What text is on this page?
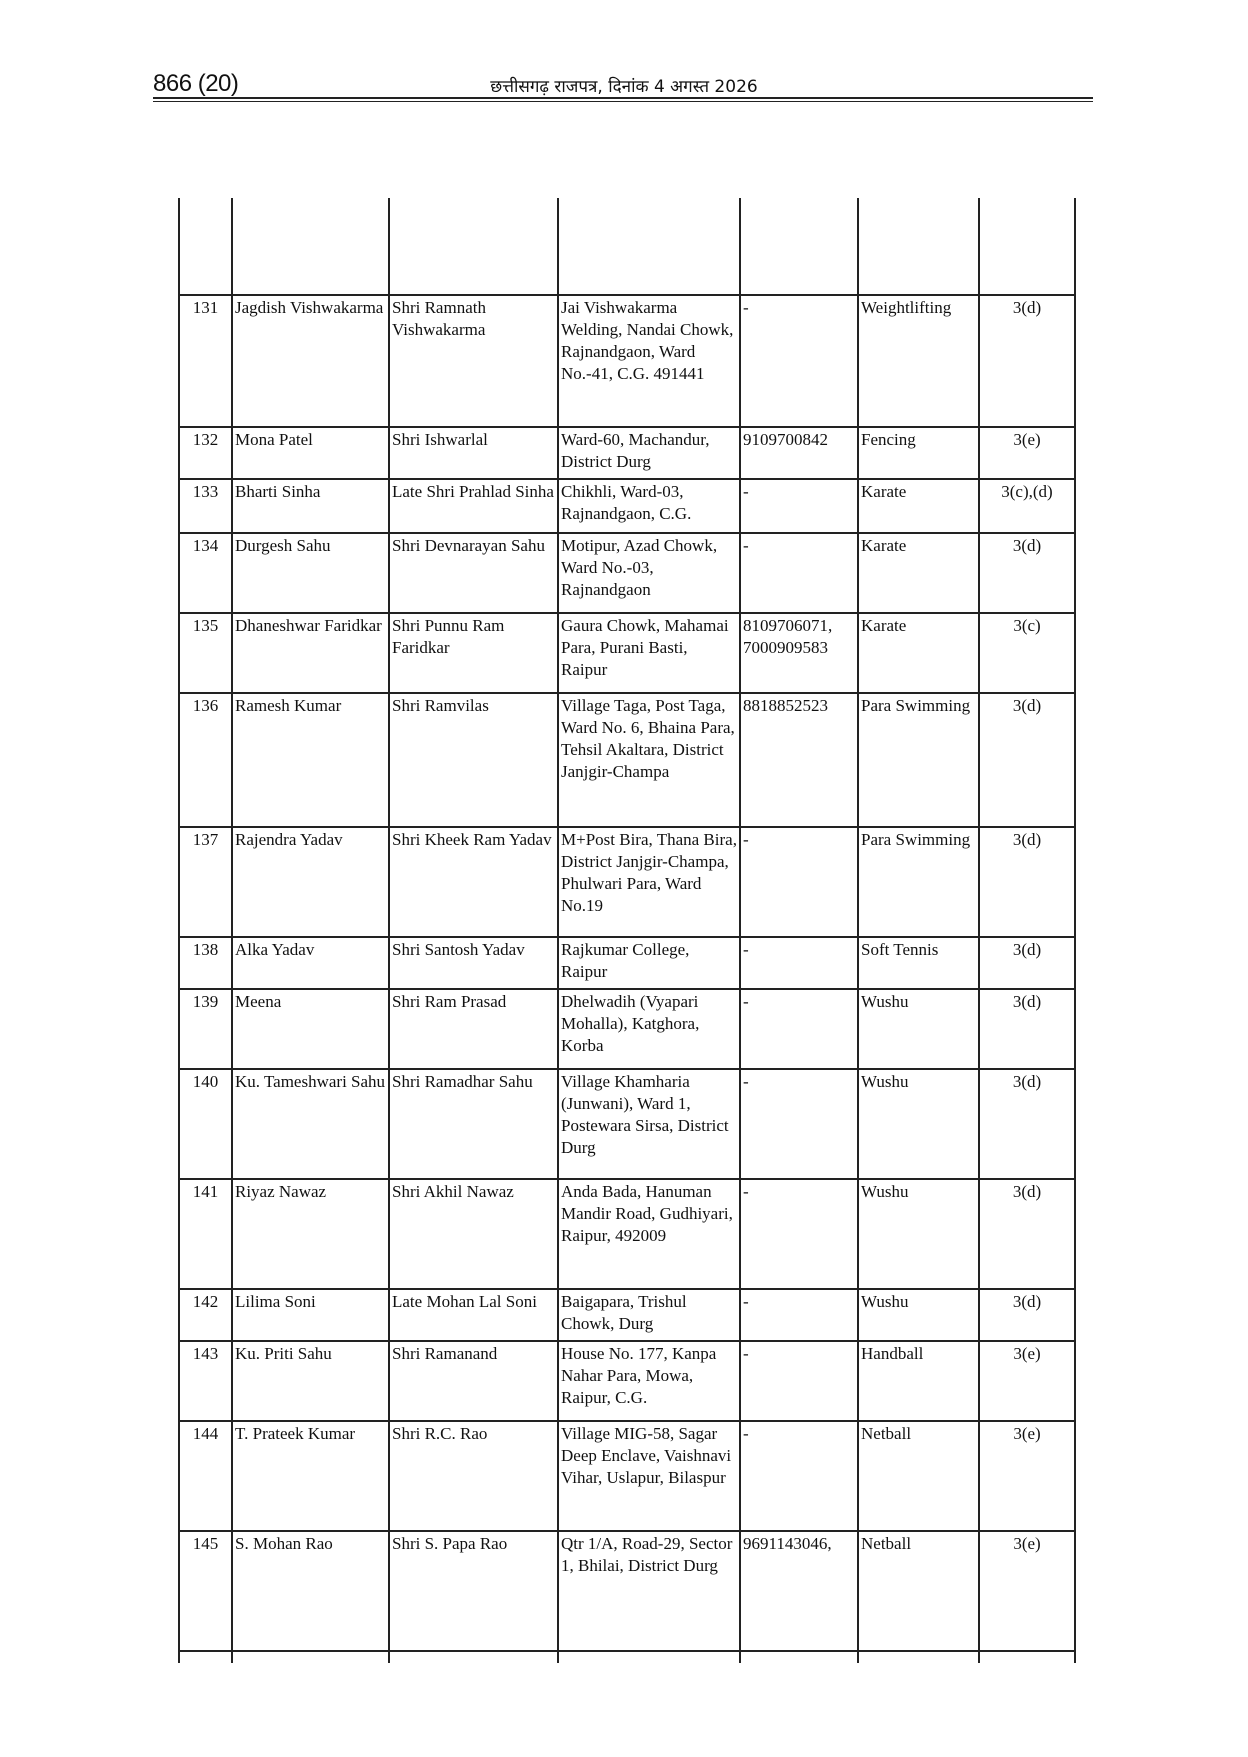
866 (20)	छत्तीसगढ़ राजपत्र, दिनांक 4 अगस्त 2026

131	Jagdish Vishwakarma	Shri Ramnath Vishwakarma	Jai Vishwakarma Welding, Nandai Chowk, Rajnandgaon, Ward No.-41, C.G. 491441	-	Weightlifting	3(d)
132	Mona Patel	Shri Ishwarlal	Ward-60, Machandur, District Durg	9109700842	Fencing	3(e)
133	Bharti Sinha	Late Shri Prahlad Sinha	Chikhli, Ward-03, Rajnandgaon, C.G.	-	Karate	3(c),(d)
134	Durgesh Sahu	Shri Devnarayan Sahu	Motipur, Azad Chowk, Ward No.-03, Rajnandgaon	-	Karate	3(d)
135	Dhaneshwar Faridkar	Shri Punnu Ram Faridkar	Gaura Chowk, Mahamai Para, Purani Basti, Raipur	8109706071, 7000909583	Karate	3(c)
136	Ramesh Kumar	Shri Ramvilas	Village Taga, Post Taga, Ward No. 6, Bhaina Para, Tehsil Akaltara, District Janjgir-Champa	8818852523	Para Swimming	3(d)
137	Rajendra Yadav	Shri Kheek Ram Yadav	M+Post Bira, Thana Bira, District Janjgir-Champa, Phulwari Para, Ward No.19	-	Para Swimming	3(d)
138	Alka Yadav	Shri Santosh Yadav	Rajkumar College, Raipur	-	Soft Tennis	3(d)
139	Meena	Shri Ram Prasad	Dhelwadih (Vyapari Mohalla), Katghora, Korba	-	Wushu	3(d)
140	Ku. Tameshwari Sahu	Shri Ramadhar Sahu	Village Khamharia (Junwani), Ward 1, Postewara Sirsa, District Durg	-	Wushu	3(d)
141	Riyaz Nawaz	Shri Akhil Nawaz	Anda Bada, Hanuman Mandir Road, Gudhiyari, Raipur, 492009	-	Wushu	3(d)
142	Lilima Soni	Late Mohan Lal Soni	Baigapara, Trishul Chowk, Durg	-	Wushu	3(d)
143	Ku. Priti Sahu	Shri Ramanand	House No. 177, Kanpa Nahar Para, Mowa, Raipur, C.G.	-	Handball	3(e)
144	T. Prateek Kumar	Shri R.C. Rao	Village MIG-58, Sagar Deep Enclave, Vaishnavi Vihar, Uslapur, Bilaspur	-	Netball	3(e)
145	S. Mohan Rao	Shri S. Papa Rao	Qtr 1/A, Road-29, Sector 1, Bhilai, District Durg	9691143046,	Netball	3(e)
